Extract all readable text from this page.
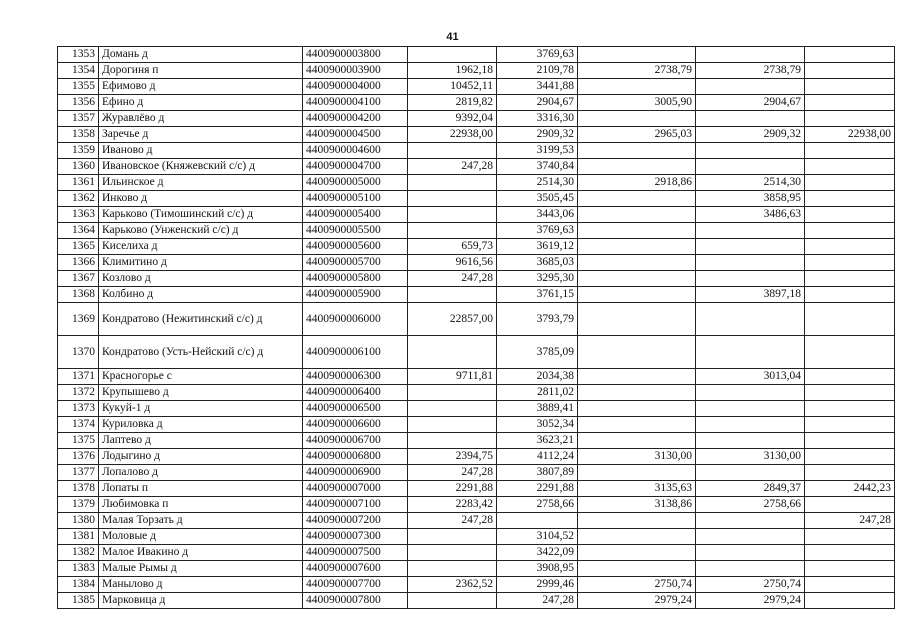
41
1353	Домань д	4400900003800		3769,63			
1354	Дорогиня п	4400900003900	1962,18	2109,78	2738,79	2738,79	
1355	Ефимово д	4400900004000	10452,11	3441,88			
1356	Ефино д	4400900004100	2819,82	2904,67	3005,90	2904,67	
1357	Журавлёво д	4400900004200	9392,04	3316,30			
1358	Заречье д	4400900004500	22938,00	2909,32	2965,03	2909,32	22938,00
1359	Иваново д	4400900004600		3199,53			
1360	Ивановское (Княжевский с/с) д	4400900004700	247,28	3740,84			
1361	Ильинское д	4400900005000		2514,30	2918,86	2514,30	
1362	Инково д	4400900005100		3505,45		3858,95	
1363	Карьково (Тимошинский с/с) д	4400900005400		3443,06		3486,63	
1364	Карьково (Унженский с/с) д	4400900005500		3769,63			
1365	Киселиха д	4400900005600	659,73	3619,12			
1366	Климитино д	4400900005700	9616,56	3685,03			
1367	Козлово д	4400900005800	247,28	3295,30			
1368	Колбино д	4400900005900		3761,15		3897,18	
1369	Кондратово (Нежитинский с/с) д	4400900006000	22857,00	3793,79			
1370	Кондратово (Усть-Нейский с/с) д	4400900006100		3785,09			
1371	Красногорье с	4400900006300	9711,81	2034,38		3013,04	
1372	Крупышево д	4400900006400		2811,02			
1373	Кукуй-1 д	4400900006500		3889,41			
1374	Куриловка д	4400900006600		3052,34			
1375	Лаптево д	4400900006700		3623,21			
1376	Лодыгино д	4400900006800	2394,75	4112,24	3130,00	3130,00	
1377	Лопалово д	4400900006900	247,28	3807,89			
1378	Лопаты п	4400900007000	2291,88	2291,88	3135,63	2849,37	2442,23
1379	Любимовка п	4400900007100	2283,42	2758,66	3138,86	2758,66	
1380	Малая Торзать д	4400900007200	247,28				247,28
1381	Моловые д	4400900007300		3104,52			
1382	Малое Ивакино д	4400900007500		3422,09			
1383	Малые Рымы д	4400900007600		3908,95			
1384	Манылово д	4400900007700	2362,52	2999,46	2750,74	2750,74	
1385	Марковица д	4400900007800		247,28	2979,24	2979,24	
